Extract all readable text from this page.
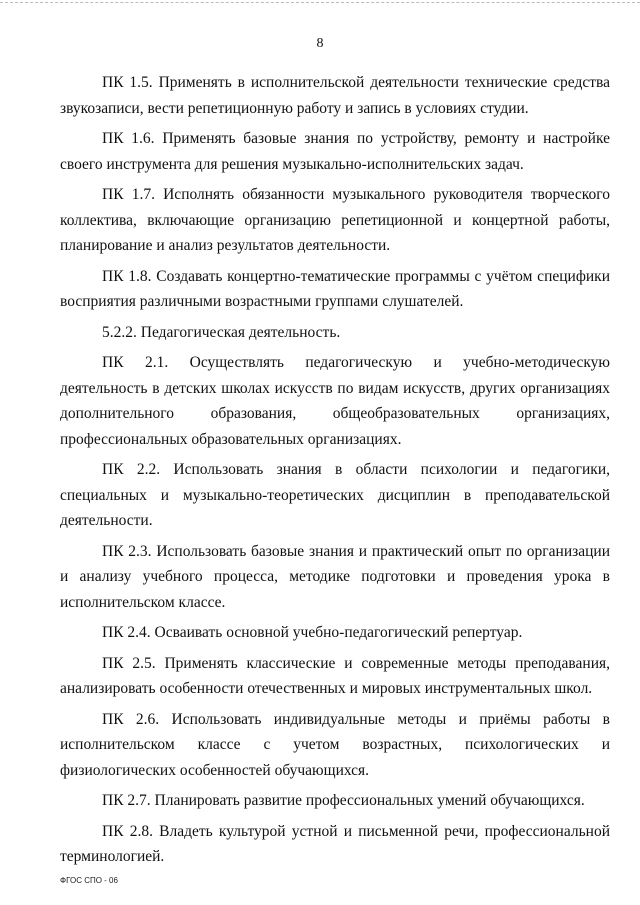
8

ПК 1.5. Применять в исполнительской деятельности технические средства звукозаписи, вести репетиционную работу и запись в условиях студии.

ПК 1.6. Применять базовые знания по устройству, ремонту и настройке своего инструмента для решения музыкально-исполнительских задач.

ПК 1.7. Исполнять обязанности музыкального руководителя творческого коллектива, включающие организацию репетиционной и концертной работы, планирование и анализ результатов деятельности.

ПК 1.8. Создавать концертно-тематические программы с учётом специфики восприятия различными возрастными группами слушателей.

5.2.2. Педагогическая деятельность.

ПК 2.1. Осуществлять педагогическую и учебно-методическую деятельность в детских школах искусств по видам искусств, других организациях дополнительного образования, общеобразовательных организациях, профессиональных образовательных организациях.

ПК 2.2. Использовать знания в области психологии и педагогики, специальных и музыкально-теоретических дисциплин в преподавательской деятельности.

ПК 2.3. Использовать базовые знания и практический опыт по организации и анализу учебного процесса, методике подготовки и проведения урока в исполнительском классе.

ПК 2.4. Осваивать основной учебно-педагогический репертуар.

ПК 2.5. Применять классические и современные методы преподавания, анализировать особенности отечественных и мировых инструментальных школ.

ПК 2.6. Использовать индивидуальные методы и приёмы работы в исполнительском классе с учетом возрастных, психологических и физиологических особенностей обучающихся.

ПК 2.7. Планировать развитие профессиональных умений обучающихся.

ПК 2.8. Владеть культурой устной и письменной речи, профессиональной терминологией.

ФГОС СПО - 06
